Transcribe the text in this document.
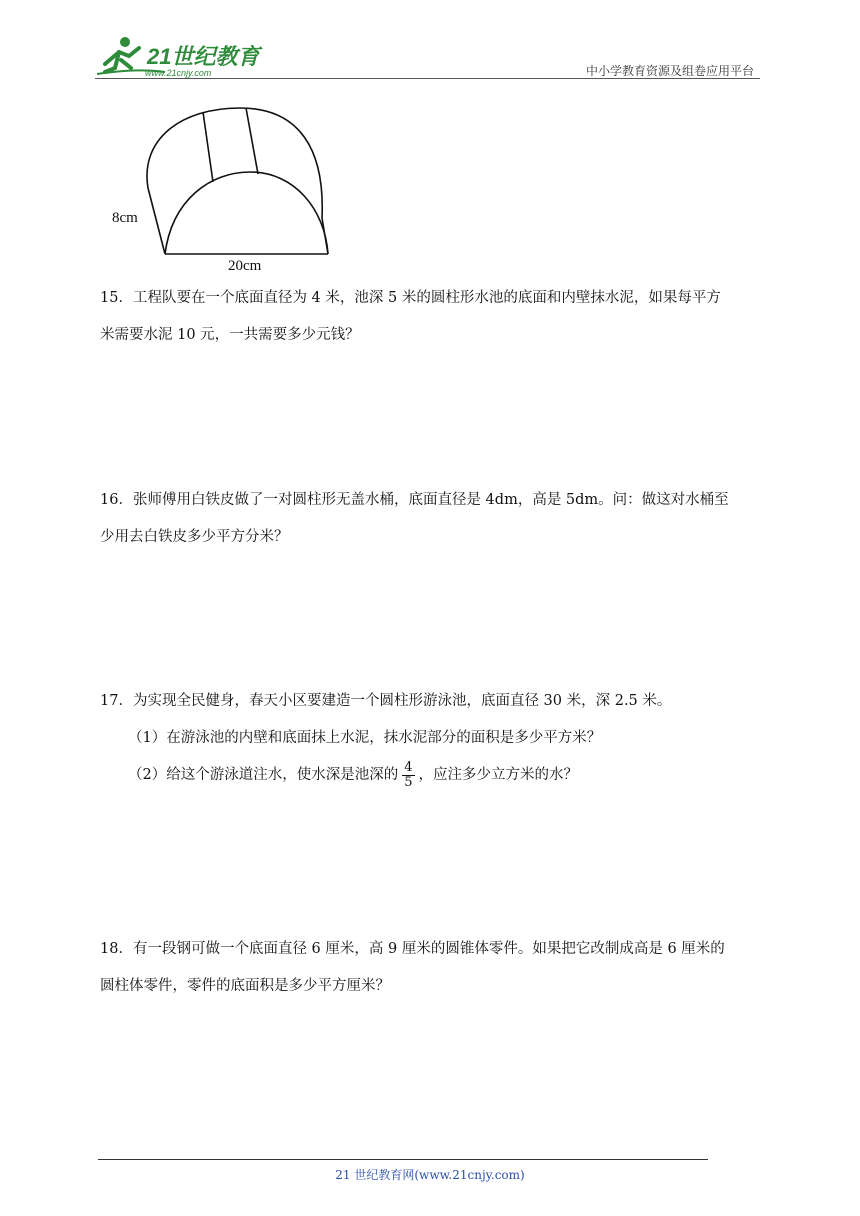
21世纪教育
www.21cnjy.com	中小学教育资源及组卷应用平台
8cm
20cm

15．工程队要在一个底面直径为 4 米，池深 5 米的圆柱形水池的底面和内壁抹水泥，如果每平方

米需要水泥 10 元，一共需要多少元钱？

16．张师傅用白铁皮做了一对圆柱形无盖水桶，底面直径是 4dm，高是 5dm。问：做这对水桶至

少用去白铁皮多少平方分米？

17．为实现全民健身，春天小区要建造一个圆柱形游泳池，底面直径 30 米，深 2.5 米。

（1）在游泳池的内壁和底面抹上水泥，抹水泥部分的面积是多少平方米？

（2）给这个游泳道注水，使水深是池深的 $\frac{4}{5}$ ，应注多少立方米的水？

18．有一段钢可做一个底面直径 6 厘米，高 9 厘米的圆锥体零件。如果把它改制成高是 6 厘米的

圆柱体零件，零件的底面积是多少平方厘米？

21 世纪教育网(www.21cnjy.com)
